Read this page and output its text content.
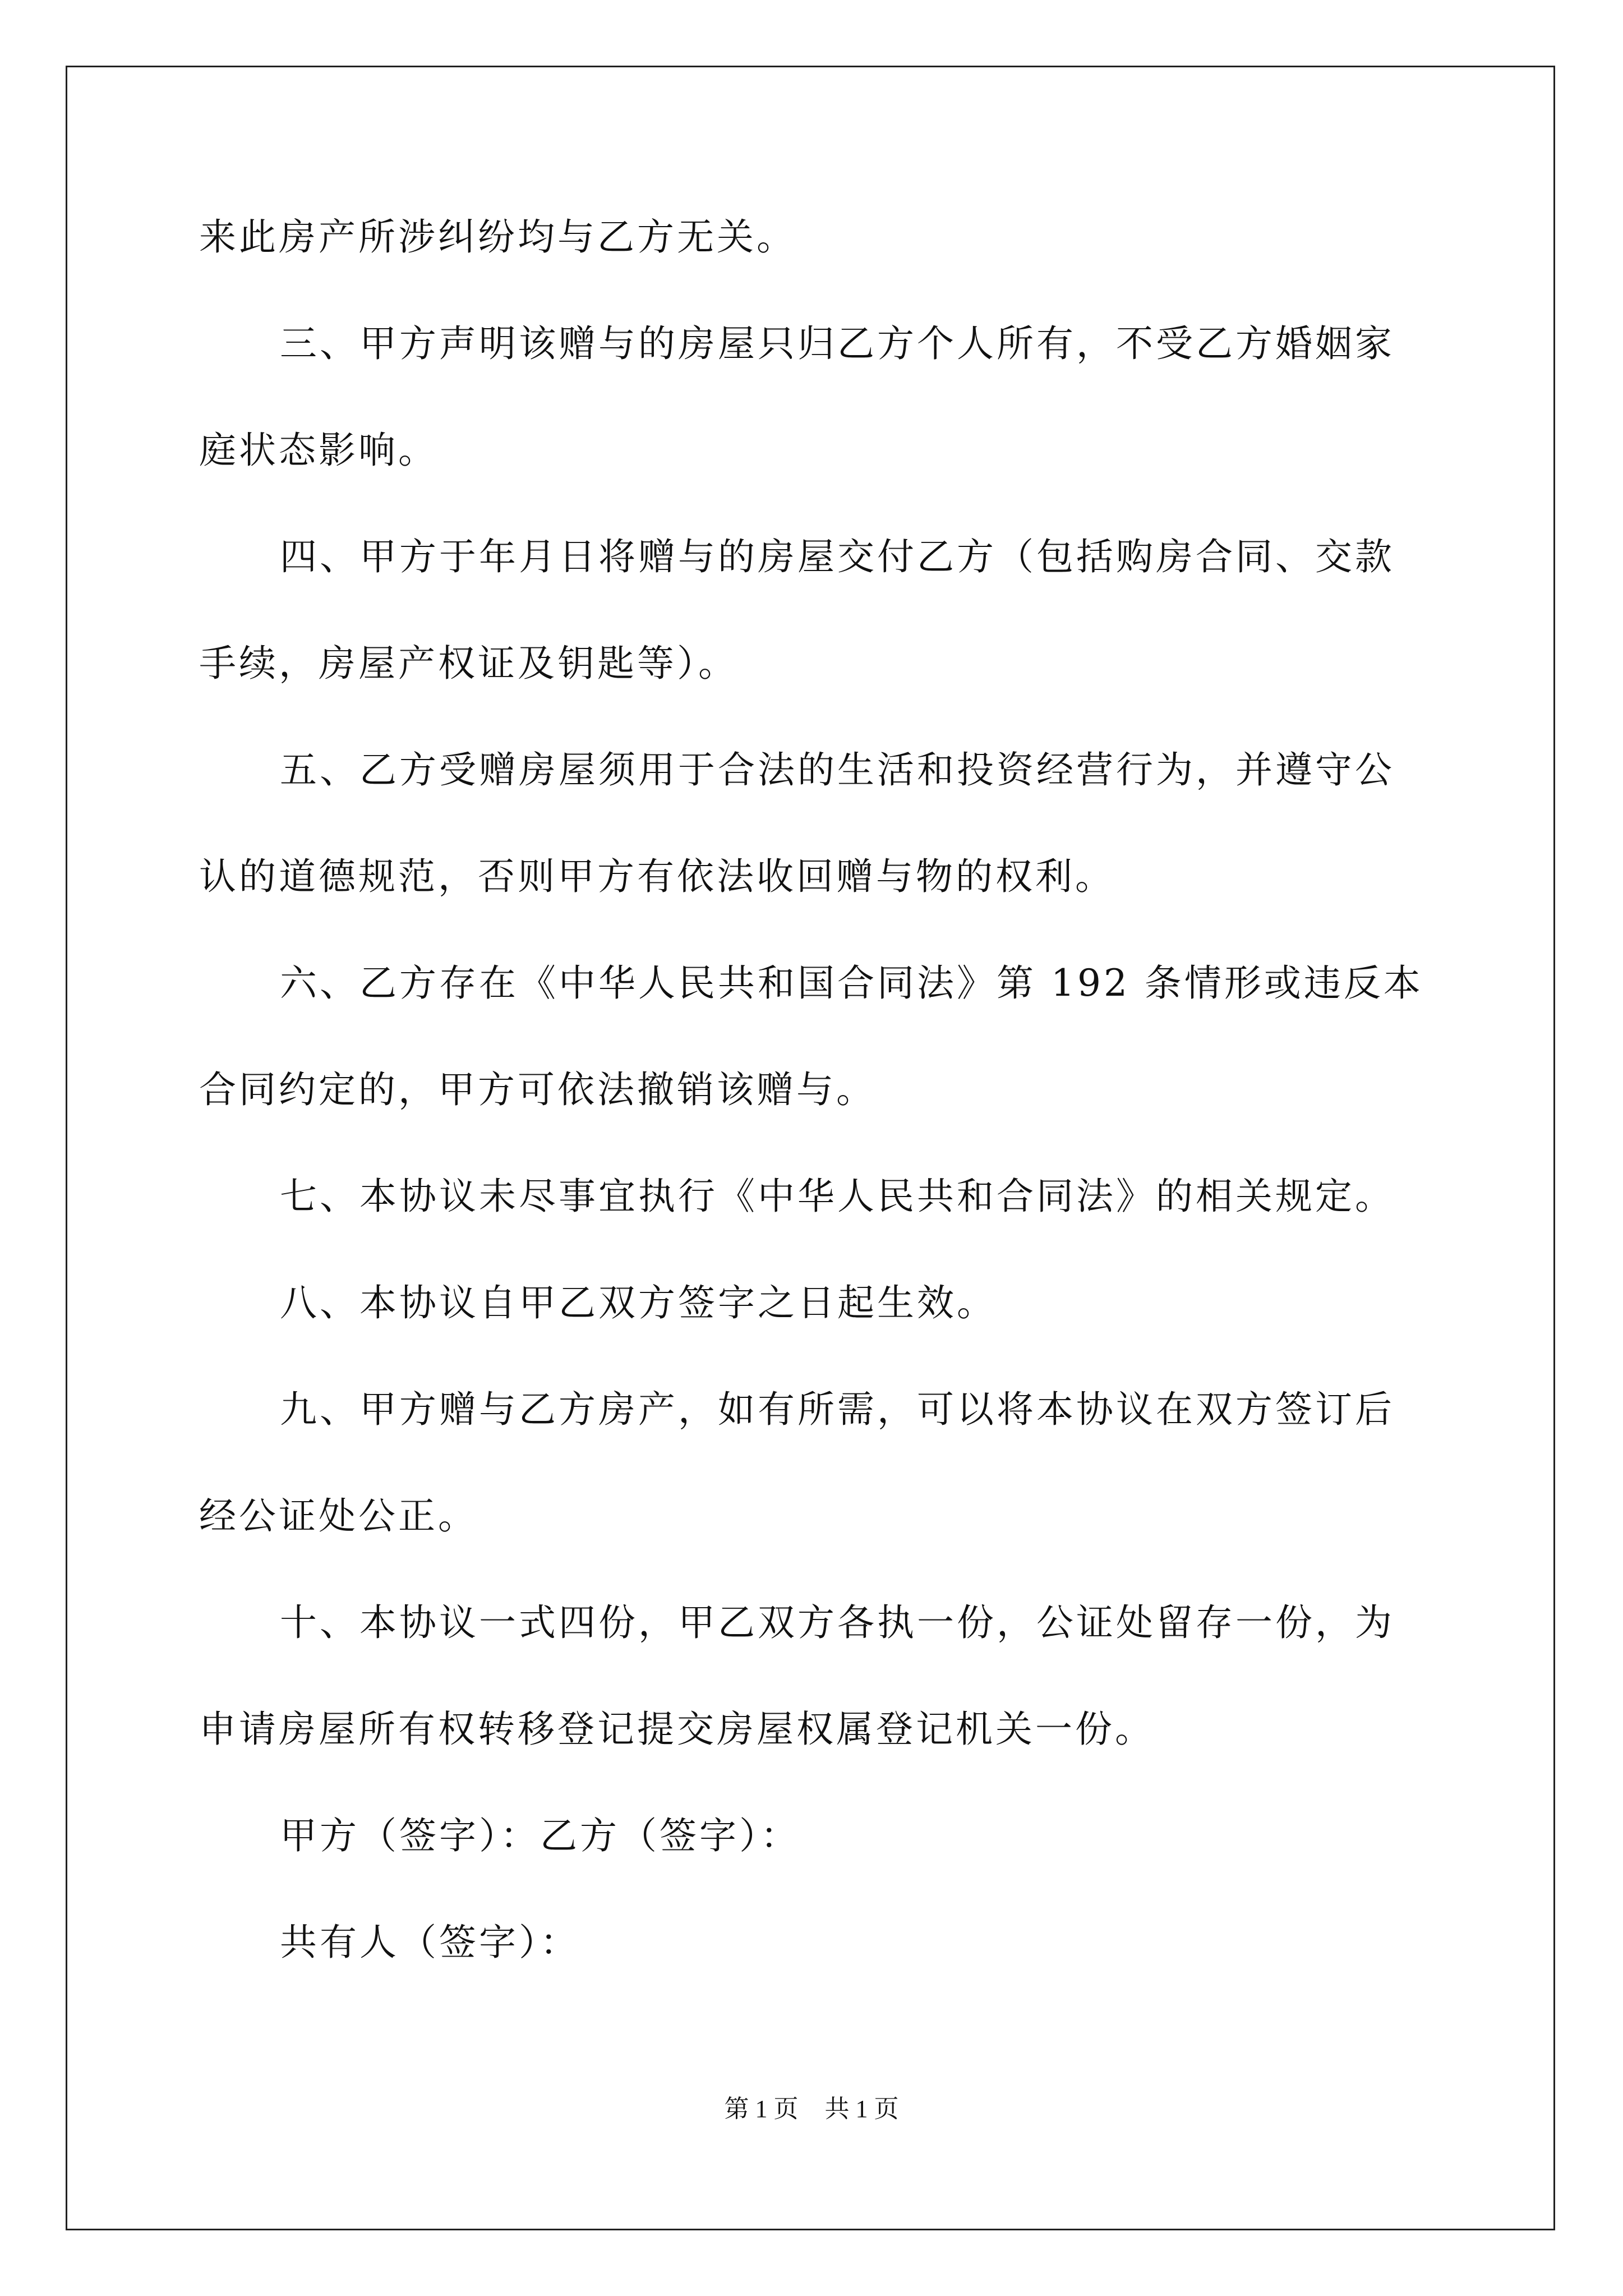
来此房产所涉纠纷均与乙方无关。
三、甲方声明该赠与的房屋只归乙方个人所有，不受乙方婚姻家
庭状态影响。
四、甲方于年月日将赠与的房屋交付乙方（包括购房合同、交款
手续，房屋产权证及钥匙等）。
五、乙方受赠房屋须用于合法的生活和投资经营行为，并遵守公
认的道德规范，否则甲方有依法收回赠与物的权利。
六、乙方存在《中华人民共和国合同法》第 192 条情形或违反本
合同约定的，甲方可依法撤销该赠与。
七、本协议未尽事宜执行《中华人民共和合同法》的相关规定。
八、本协议自甲乙双方签字之日起生效。
九、甲方赠与乙方房产，如有所需，可以将本协议在双方签订后
经公证处公正。
十、本协议一式四份，甲乙双方各执一份，公证处留存一份，为
申请房屋所有权转移登记提交房屋权属登记机关一份。
甲方（签字）：乙方（签字）：
共有人（签字）：
第 1 页 共 1 页
